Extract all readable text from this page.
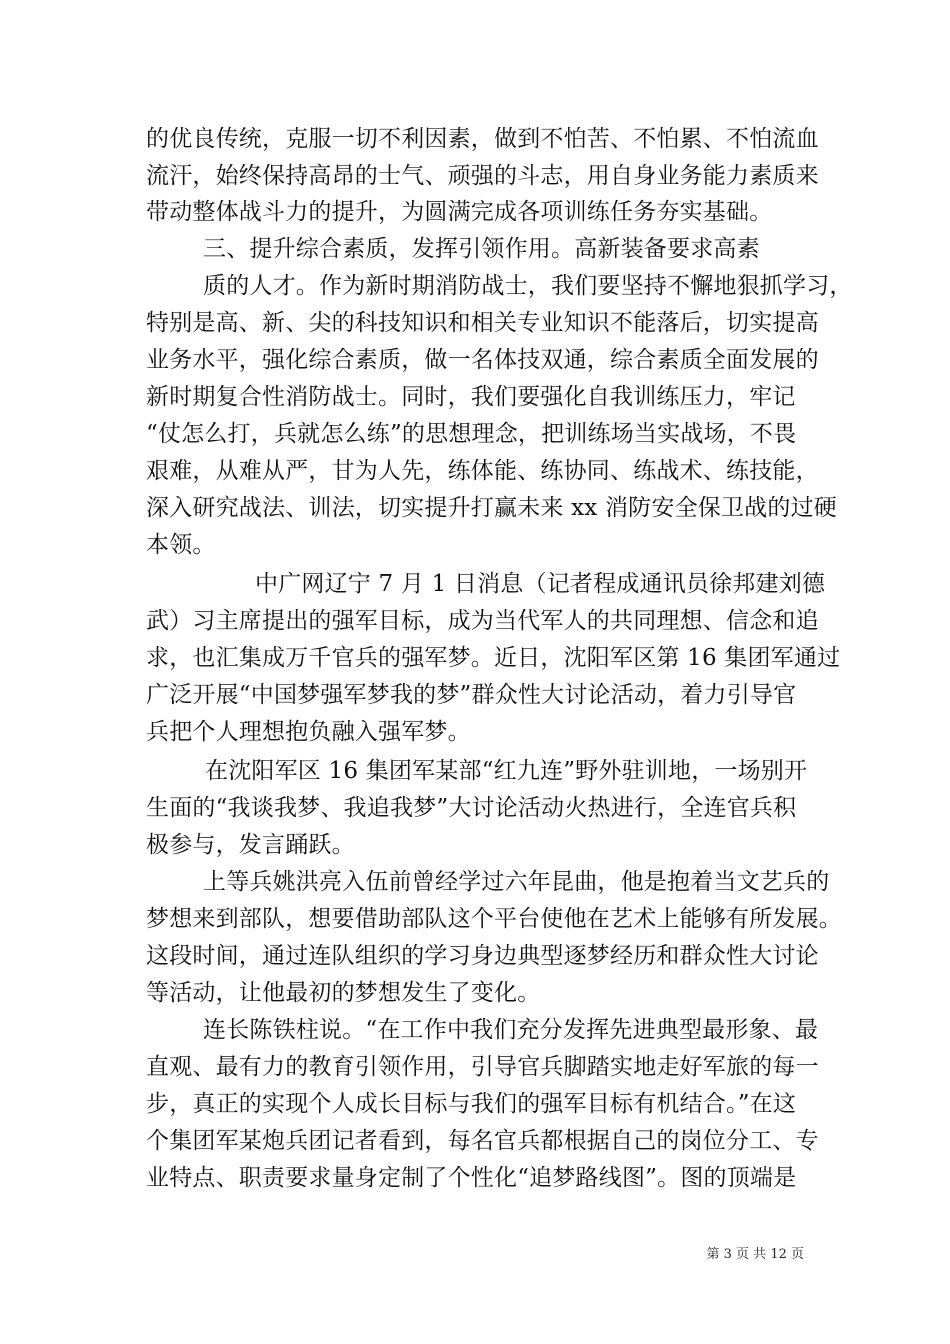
的优良传统，克服一切不利因素，做到不怕苦、不怕累、不怕流血
流汗，始终保持高昂的士气、顽强的斗志，用自身业务能力素质来
带动整体战斗力的提升，为圆满完成各项训练任务夯实基础。
三、提升综合素质，发挥引领作用。高新装备要求高素
质的人才。作为新时期消防战士，我们要坚持不懈地狠抓学习，
特别是高、新、尖的科技知识和相关专业知识不能落后，切实提高
业务水平，强化综合素质，做一名体技双通，综合素质全面发展的
新时期复合性消防战士。同时，我们要强化自我训练压力，牢记
“仗怎么打，兵就怎么练”的思想理念，把训练场当实战场，不畏
艰难，从难从严，甘为人先，练体能、练协同、练战术、练技能，
深入研究战法、训法，切实提升打赢未来 xx 消防安全保卫战的过硬
本领。
中广网辽宁 7 月 1 日消息（记者程成通讯员徐邦建刘德
武）习主席提出的强军目标，成为当代军人的共同理想、信念和追
求，也汇集成万千官兵的强军梦。近日，沈阳军区第 16 集团军通过
广泛开展“中国梦强军梦我的梦”群众性大讨论活动，着力引导官
兵把个人理想抱负融入强军梦。
在沈阳军区 16 集团军某部“红九连”野外驻训地，一场别开
生面的“我谈我梦、我追我梦”大讨论活动火热进行，全连官兵积
极参与，发言踊跃。
上等兵姚洪亮入伍前曾经学过六年昆曲，他是抱着当文艺兵的
梦想来到部队，想要借助部队这个平台使他在艺术上能够有所发展。
这段时间，通过连队组织的学习身边典型逐梦经历和群众性大讨论
等活动，让他最初的梦想发生了变化。
连长陈铁柱说。“在工作中我们充分发挥先进典型最形象、最
直观、最有力的教育引领作用，引导官兵脚踏实地走好军旅的每一
步，真正的实现个人成长目标与我们的强军目标有机结合。”在这
个集团军某炮兵团记者看到，每名官兵都根据自己的岗位分工、专
业特点、职责要求量身定制了个性化“追梦路线图”。图的顶端是
第 3 页 共 12 页
